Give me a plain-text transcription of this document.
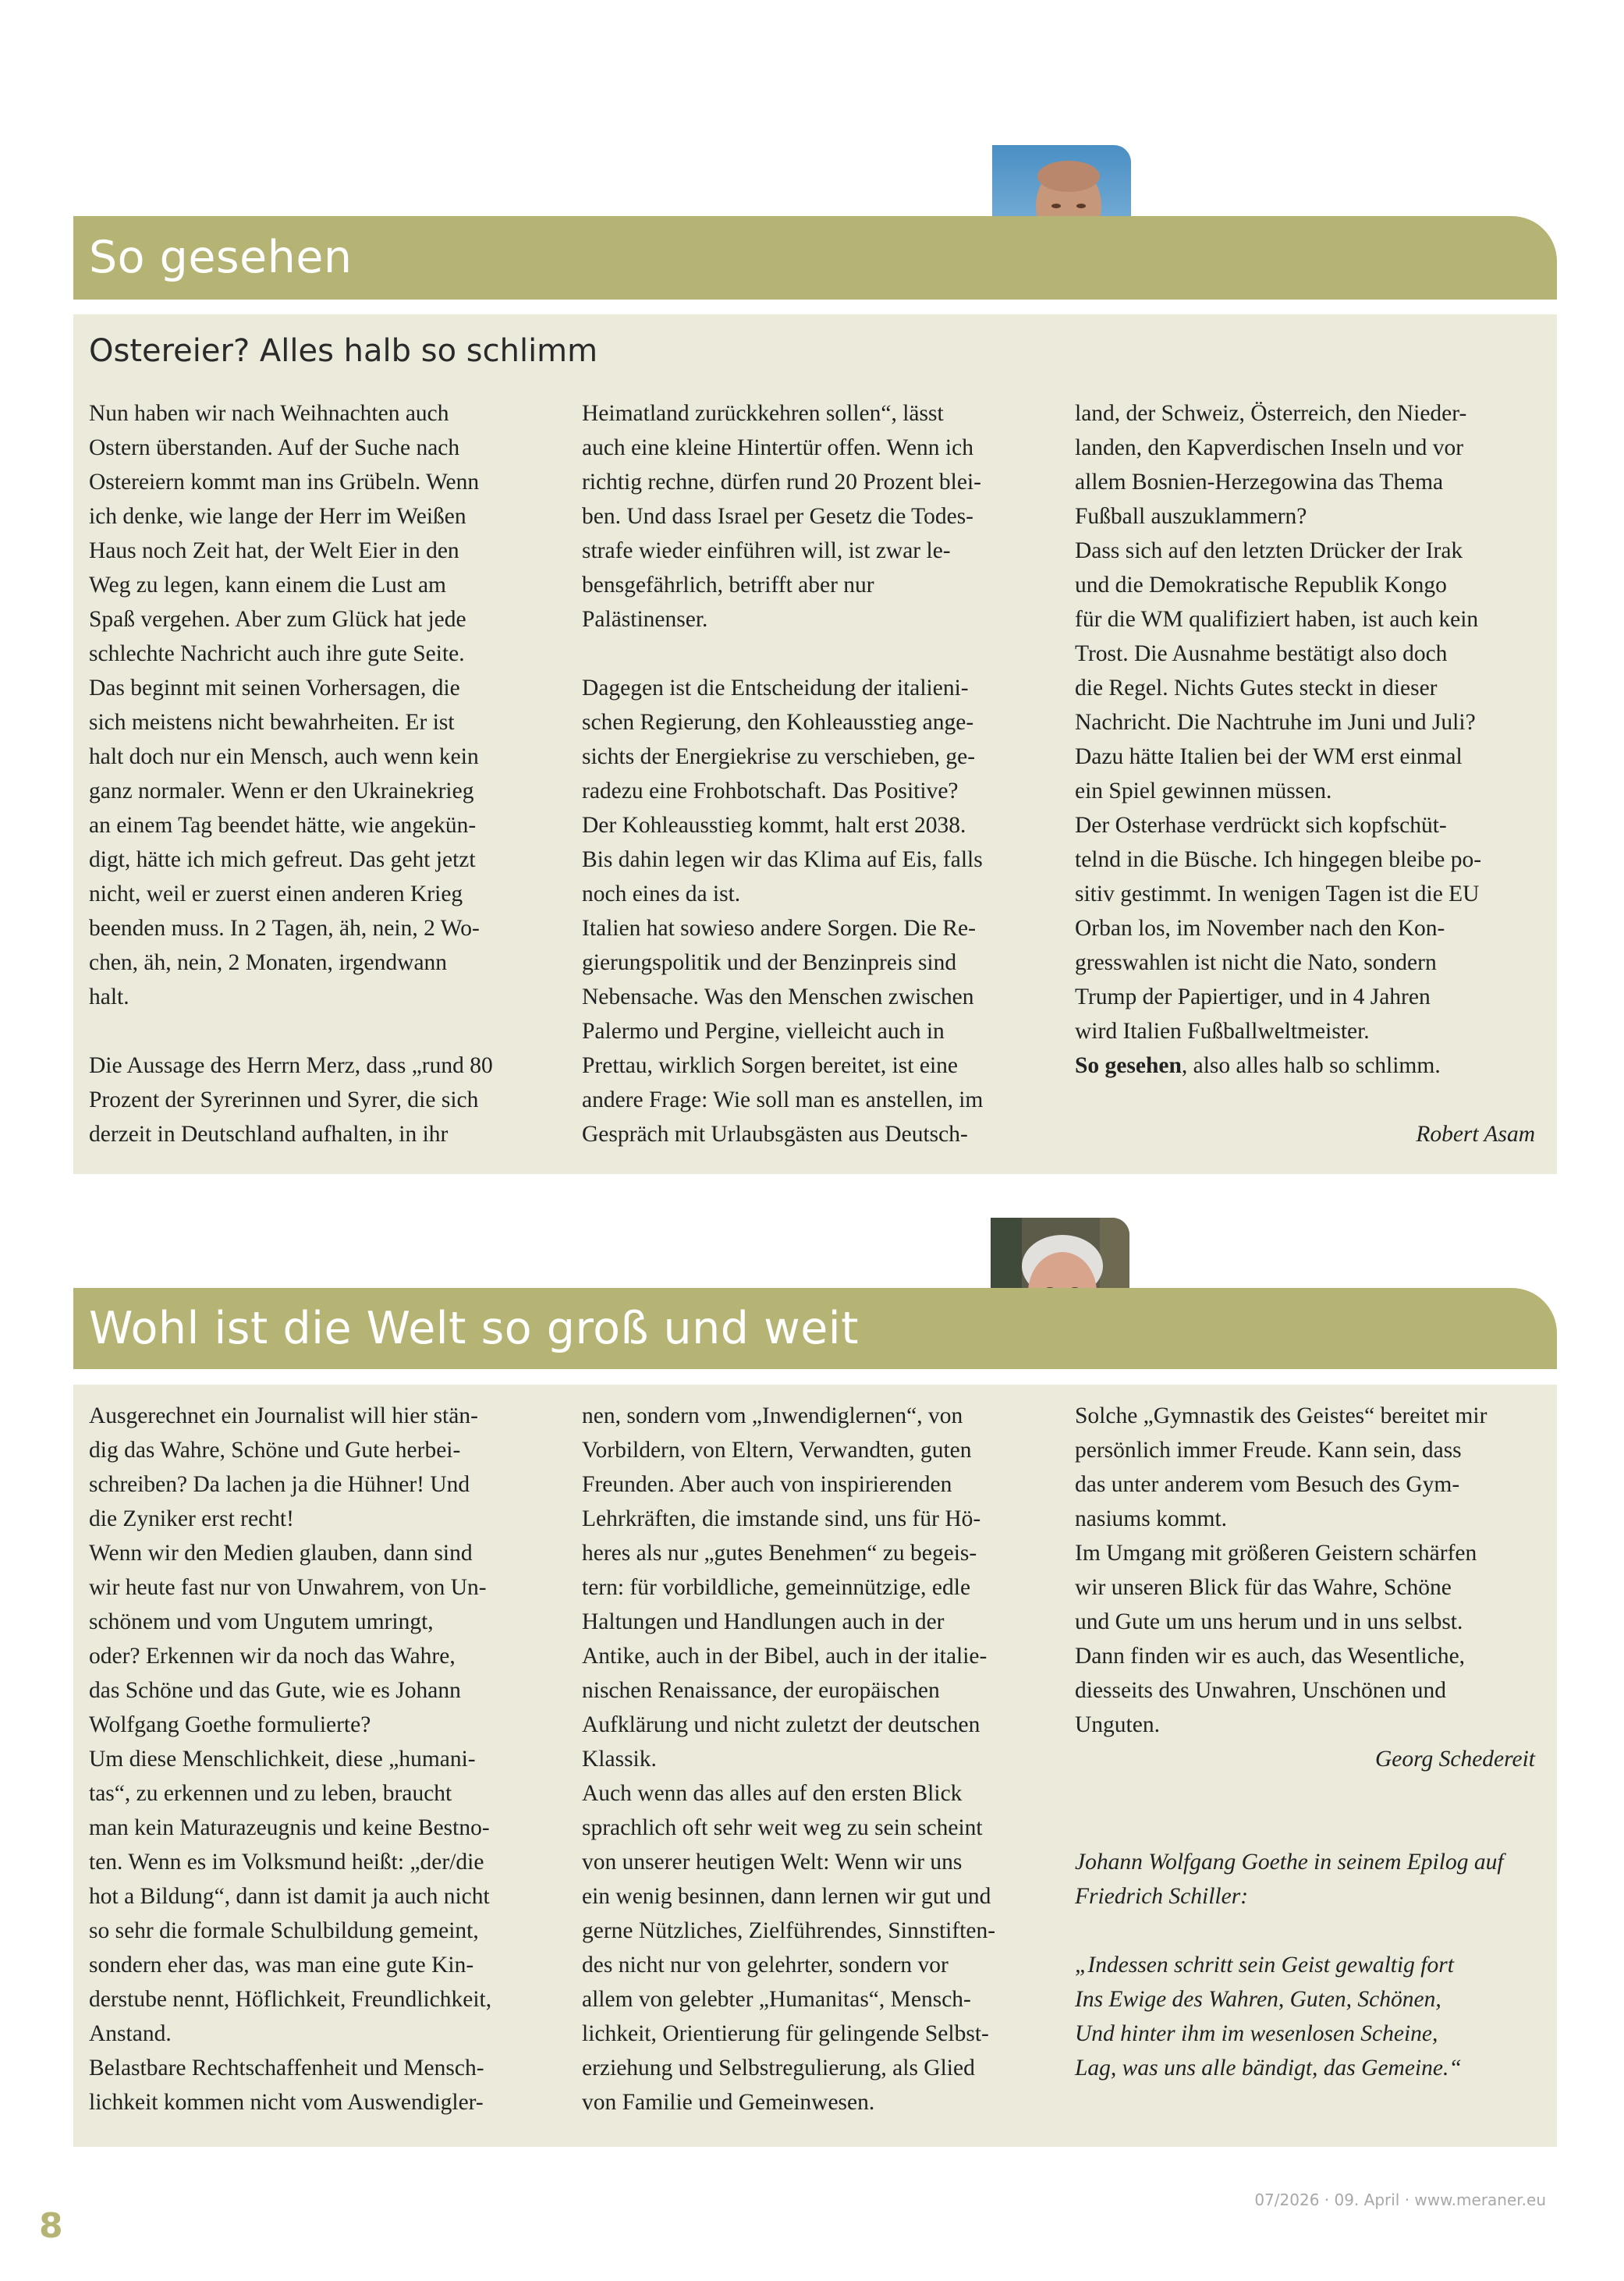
So gesehen
Ostereier? Alles halb so schlimm

Nun haben wir nach Weihnachten auch

Ostern überstanden. Auf der Suche nach

Ostereiern kommt man ins Grübeln. Wenn

ich denke, wie lange der Herr im Weißen

Haus noch Zeit hat, der Welt Eier in den

Weg zu legen, kann einem die Lust am

Spaß vergehen. Aber zum Glück hat jede

schlechte Nachricht auch ihre gute Seite.

Das beginnt mit seinen Vorhersagen, die

sich meistens nicht bewahrheiten. Er ist

halt doch nur ein Mensch, auch wenn kein

ganz normaler. Wenn er den Ukrainekrieg

an einem Tag beendet hätte, wie angekün-

digt, hätte ich mich gefreut. Das geht jetzt

nicht, weil er zuerst einen anderen Krieg

beenden muss. In 2 Tagen, äh, nein, 2 Wo-

chen, äh, nein, 2 Monaten, irgendwann

halt.

Die Aussage des Herrn Merz, dass „rund 80

Prozent der Syrerinnen und Syrer, die sich

derzeit in Deutschland aufhalten, in ihr

Heimatland zurückkehren sollen“, lässt

auch eine kleine Hintertür offen. Wenn ich

richtig rechne, dürfen rund 20 Prozent blei-

ben. Und dass Israel per Gesetz die Todes-

strafe wieder einführen will, ist zwar le-

bensgefährlich, betrifft aber nur

Palästinenser.

Dagegen ist die Entscheidung der italieni-

schen Regierung, den Kohleausstieg ange-

sichts der Energiekrise zu verschieben, ge-

radezu eine Frohbotschaft. Das Positive?

Der Kohleausstieg kommt, halt erst 2038.

Bis dahin legen wir das Klima auf Eis, falls

noch eines da ist.

Italien hat sowieso andere Sorgen. Die Re-

gierungspolitik und der Benzinpreis sind

Nebensache. Was den Menschen zwischen

Palermo und Pergine, vielleicht auch in

Prettau, wirklich Sorgen bereitet, ist eine

andere Frage: Wie soll man es anstellen, im

Gespräch mit Urlaubsgästen aus Deutsch-

land, der Schweiz, Österreich, den Nieder-

landen, den Kapverdischen Inseln und vor

allem Bosnien-Herzegowina das Thema

Fußball auszuklammern?

Dass sich auf den letzten Drücker der Irak

und die Demokratische Republik Kongo

für die WM qualifiziert haben, ist auch kein

Trost. Die Ausnahme bestätigt also doch

die Regel. Nichts Gutes steckt in dieser

Nachricht. Die Nachtruhe im Juni und Juli?

Dazu hätte Italien bei der WM erst einmal

ein Spiel gewinnen müssen.

Der Osterhase verdrückt sich kopfschüt-

telnd in die Büsche. Ich hingegen bleibe po-

sitiv gestimmt. In wenigen Tagen ist die EU

Orban los, im November nach den Kon-

gresswahlen ist nicht die Nato, sondern

Trump der Papiertiger, und in 4 Jahren

wird Italien Fußballweltmeister.

So gesehen, also alles halb so schlimm.

Robert Asam

Wohl ist die Welt so groß und weit

Ausgerechnet ein Journalist will hier stän-

dig das Wahre, Schöne und Gute herbei-

schreiben? Da lachen ja die Hühner! Und

die Zyniker erst recht!

Wenn wir den Medien glauben, dann sind

wir heute fast nur von Unwahrem, von Un-

schönem und vom Ungutem umringt,

oder? Erkennen wir da noch das Wahre,

das Schöne und das Gute, wie es Johann

Wolfgang Goethe formulierte?

Um diese Menschlichkeit, diese „humani-

tas“, zu erkennen und zu leben, braucht

man kein Maturazeugnis und keine Bestno-

ten. Wenn es im Volksmund heißt: „der/die

hot a Bildung“, dann ist damit ja auch nicht

so sehr die formale Schulbildung gemeint,

sondern eher das, was man eine gute Kin-

derstube nennt, Höflichkeit, Freundlichkeit,

Anstand.

Belastbare Rechtschaffenheit und Mensch-

lichkeit kommen nicht vom Auswendigler-

nen, sondern vom „Inwendiglernen“, von

Vorbildern, von Eltern, Verwandten, guten

Freunden. Aber auch von inspirierenden

Lehrkräften, die imstande sind, uns für Hö-

heres als nur „gutes Benehmen“ zu begeis-

tern: für vorbildliche, gemeinnützige, edle

Haltungen und Handlungen auch in der

Antike, auch in der Bibel, auch in der italie-

nischen Renaissance, der europäischen

Aufklärung und nicht zuletzt der deutschen

Klassik.

Auch wenn das alles auf den ersten Blick

sprachlich oft sehr weit weg zu sein scheint

von unserer heutigen Welt: Wenn wir uns

ein wenig besinnen, dann lernen wir gut und

gerne Nützliches, Zielführendes, Sinnstiften-

des nicht nur von gelehrter, sondern vor

allem von gelebter „Humanitas“, Mensch-

lichkeit, Orientierung für gelingende Selbst-

erziehung und Selbstregulierung, als Glied

von Familie und Gemeinwesen.

Solche „Gymnastik des Geistes“ bereitet mir

persönlich immer Freude. Kann sein, dass

das unter anderem vom Besuch des Gym-

nasiums kommt.

Im Umgang mit größeren Geistern schärfen

wir unseren Blick für das Wahre, Schöne

und Gute um uns herum und in uns selbst.

Dann finden wir es auch, das Wesentliche,

diesseits des Unwahren, Unschönen und

Unguten.

Georg Schedereit

Johann Wolfgang Goethe in seinem Epilog auf

Friedrich Schiller:

„Indessen schritt sein Geist gewaltig fort

Ins Ewige des Wahren, Guten, Schönen,

Und hinter ihm im wesenlosen Scheine,

Lag, was uns alle bändigt, das Gemeine.“

8
07/2026 · 09. April · www.meraner.eu
